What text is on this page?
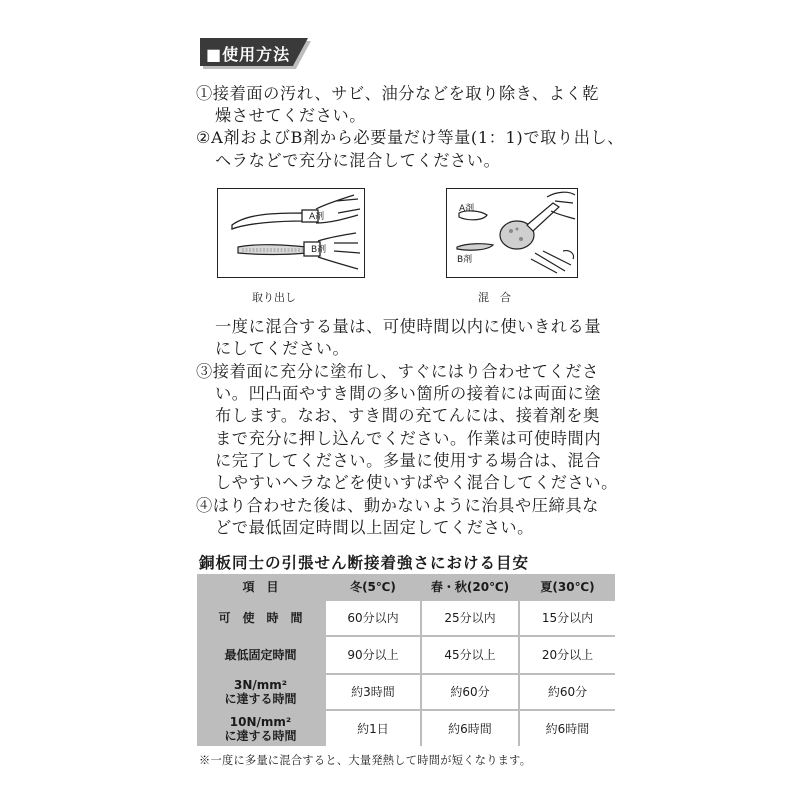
■使用方法
①接着面の汚れ、サビ、油分などを取り除き、よく乾
燥させてください。
②A剤およびB剤から必要量だけ等量(1：1)で取り出し、
ヘラなどで充分に混合してください。
A剤
B剤
取り出し
A剤
B剤
混　合
一度に混合する量は、可使時間以内に使いきれる量
にしてください。
③接着面に充分に塗布し、すぐにはり合わせてくださ
い。凹凸面やすき間の多い箇所の接着には両面に塗
布します。なお、すき間の充てんには、接着剤を奥
まで充分に押し込んでください。作業は可使時間内
に完了してください。多量に使用する場合は、混合
しやすいヘラなどを使いすばやく混合してください。
④はり合わせた後は、動かないように治具や圧締具な
どで最低固定時間以上固定してください。
銅板同士の引張せん断接着強さにおける目安
項　目	冬(5℃)	春・秋(20℃)	夏(30℃)
可　使　時　間	60分以内	25分以内	15分以内
最低固定時間	90分以上	45分以上	20分以上
3N/mm²
に達する時間	約3時間	約60分	約60分
10N/mm²
に達する時間	約1日	約6時間	約6時間
※一度に多量に混合すると、大量発熱して時間が短くなります。
